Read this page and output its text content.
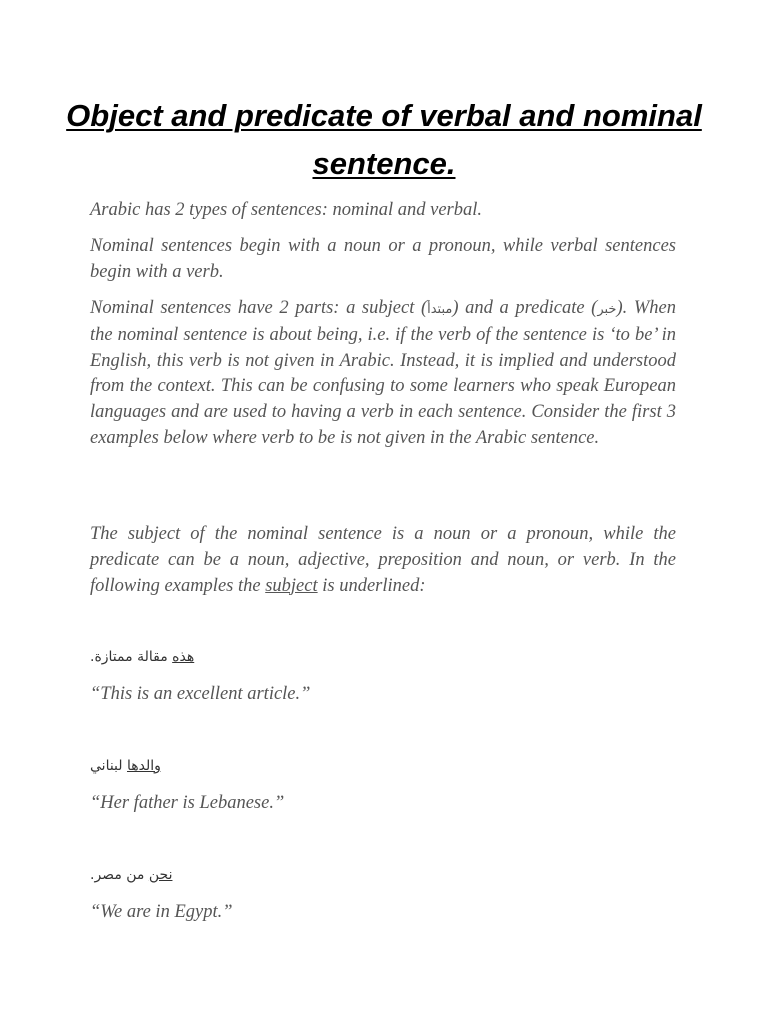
Object and predicate of verbal and nominal sentence.

Arabic has 2 types of sentences: nominal and verbal.

Nominal sentences begin with a noun or a pronoun, while verbal sentences begin with a verb.

Nominal sentences have 2 parts: a subject (مبتدأ) and a predicate (خبر). When the nominal sentence is about being, i.e. if the verb of the sentence is ‘to be’ in English, this verb is not given in Arabic. Instead, it is implied and understood from the context. This can be confusing to some learners who speak European languages and are used to having a verb in each sentence. Consider the first 3 examples below where verb to be is not given in the Arabic sentence.

The subject of the nominal sentence is a noun or a pronoun, while the predicate can be a noun, adjective, preposition and noun, or verb. In the following examples the subject is underlined:

هذه مقالة ممتازة.
“This is an excellent article.”
والدها لبناني
“Her father is Lebanese.”
نحن من مصر.
“We are in Egypt.”
